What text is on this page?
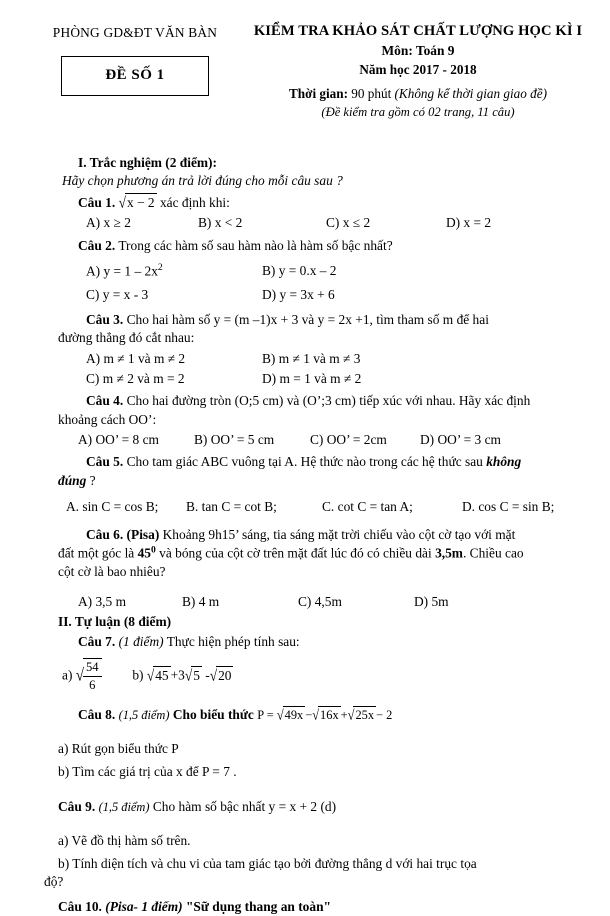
PHÒNG GD&ĐT VĂN BÀN
ĐỀ SỐ 1
KIỂM TRA KHẢO SÁT CHẤT LƯỢNG HỌC KÌ I
Môn: Toán 9
Năm học 2017 - 2018
Thời gian: 90 phút (Không kể thời gian giao đề)
(Đề kiểm tra gồm có 02 trang, 11 câu)
I. Trắc nghiệm (2 điểm):
Hãy chọn phương án trả lời đúng cho mỗi câu sau ?
Câu 1. √x − 2 xác định khi:
A) x ≥ 2	B) x < 2	C) x ≤ 2	D) x = 2
Câu 2. Trong các hàm số sau hàm nào là hàm số bậc nhất?
A) $y = 1 - 2x^2$	B) y = 0.x – 2
C) y = x - 3	D) y = 3x + 6
Câu 3. Cho hai hàm số y = (m –1)x + 3 và y = 2x +1, tìm tham số m để hai
đường thẳng đó cắt nhau:
A) m ≠ 1 và m ≠ 2	B) m ≠ 1 và m ≠ 3
C) m ≠ 2 và m = 2	D) m = 1 và m ≠ 2
Câu 4. Cho hai đường tròn (O;5 cm) và (O’;3 cm) tiếp xúc với nhau. Hãy xác định
khoảng cách OO’:
A) OO’ = 8 cm	B) OO’ = 5 cm	C) OO’ = 2cm	D) OO’ = 3 cm
Câu 5. Cho tam giác ABC vuông tại A. Hệ thức nào trong các hệ thức sau không
đúng ?
A. sin C = cos B;	B. tan C = cot B;	C. cot C = tan A;	D. cos C = sin B;
Câu 6. (Pisa) Khoảng 9h15’ sáng, tia sáng mặt trời chiếu vào cột cờ tạo với mặt
đất một góc là $45^0$ và bóng của cột cờ trên mặt đất lúc đó có chiều dài 3,5m. Chiều cao
cột cờ là bao nhiêu?
A) 3,5 m	B) 4 m	C) 4,5m	D) 5m
II. Tự luận (8 điểm)
Câu 7. (1 điểm) Thực hiện phép tính sau:
a) √ $\frac{54}{6} b$) √45 +3√5 -√20
Câu 8. (1,5 điểm) Cho biểu thức P = √49x −√16x +√25x − 2
a) Rút gọn biểu thức P
b) Tìm các giá trị của x để P = 7 .
Câu 9. (1,5 điểm) Cho hàm số bậc nhất y = x + 2 (d)
a) Vẽ đồ thị hàm số trên.
b) Tính diện tích và chu vi của tam giác tạo bởi đường thẳng d với hai trục tọa
độ?
Câu 10. (Pisa- 1 điểm) "Sữ dụng thang an toàn"
